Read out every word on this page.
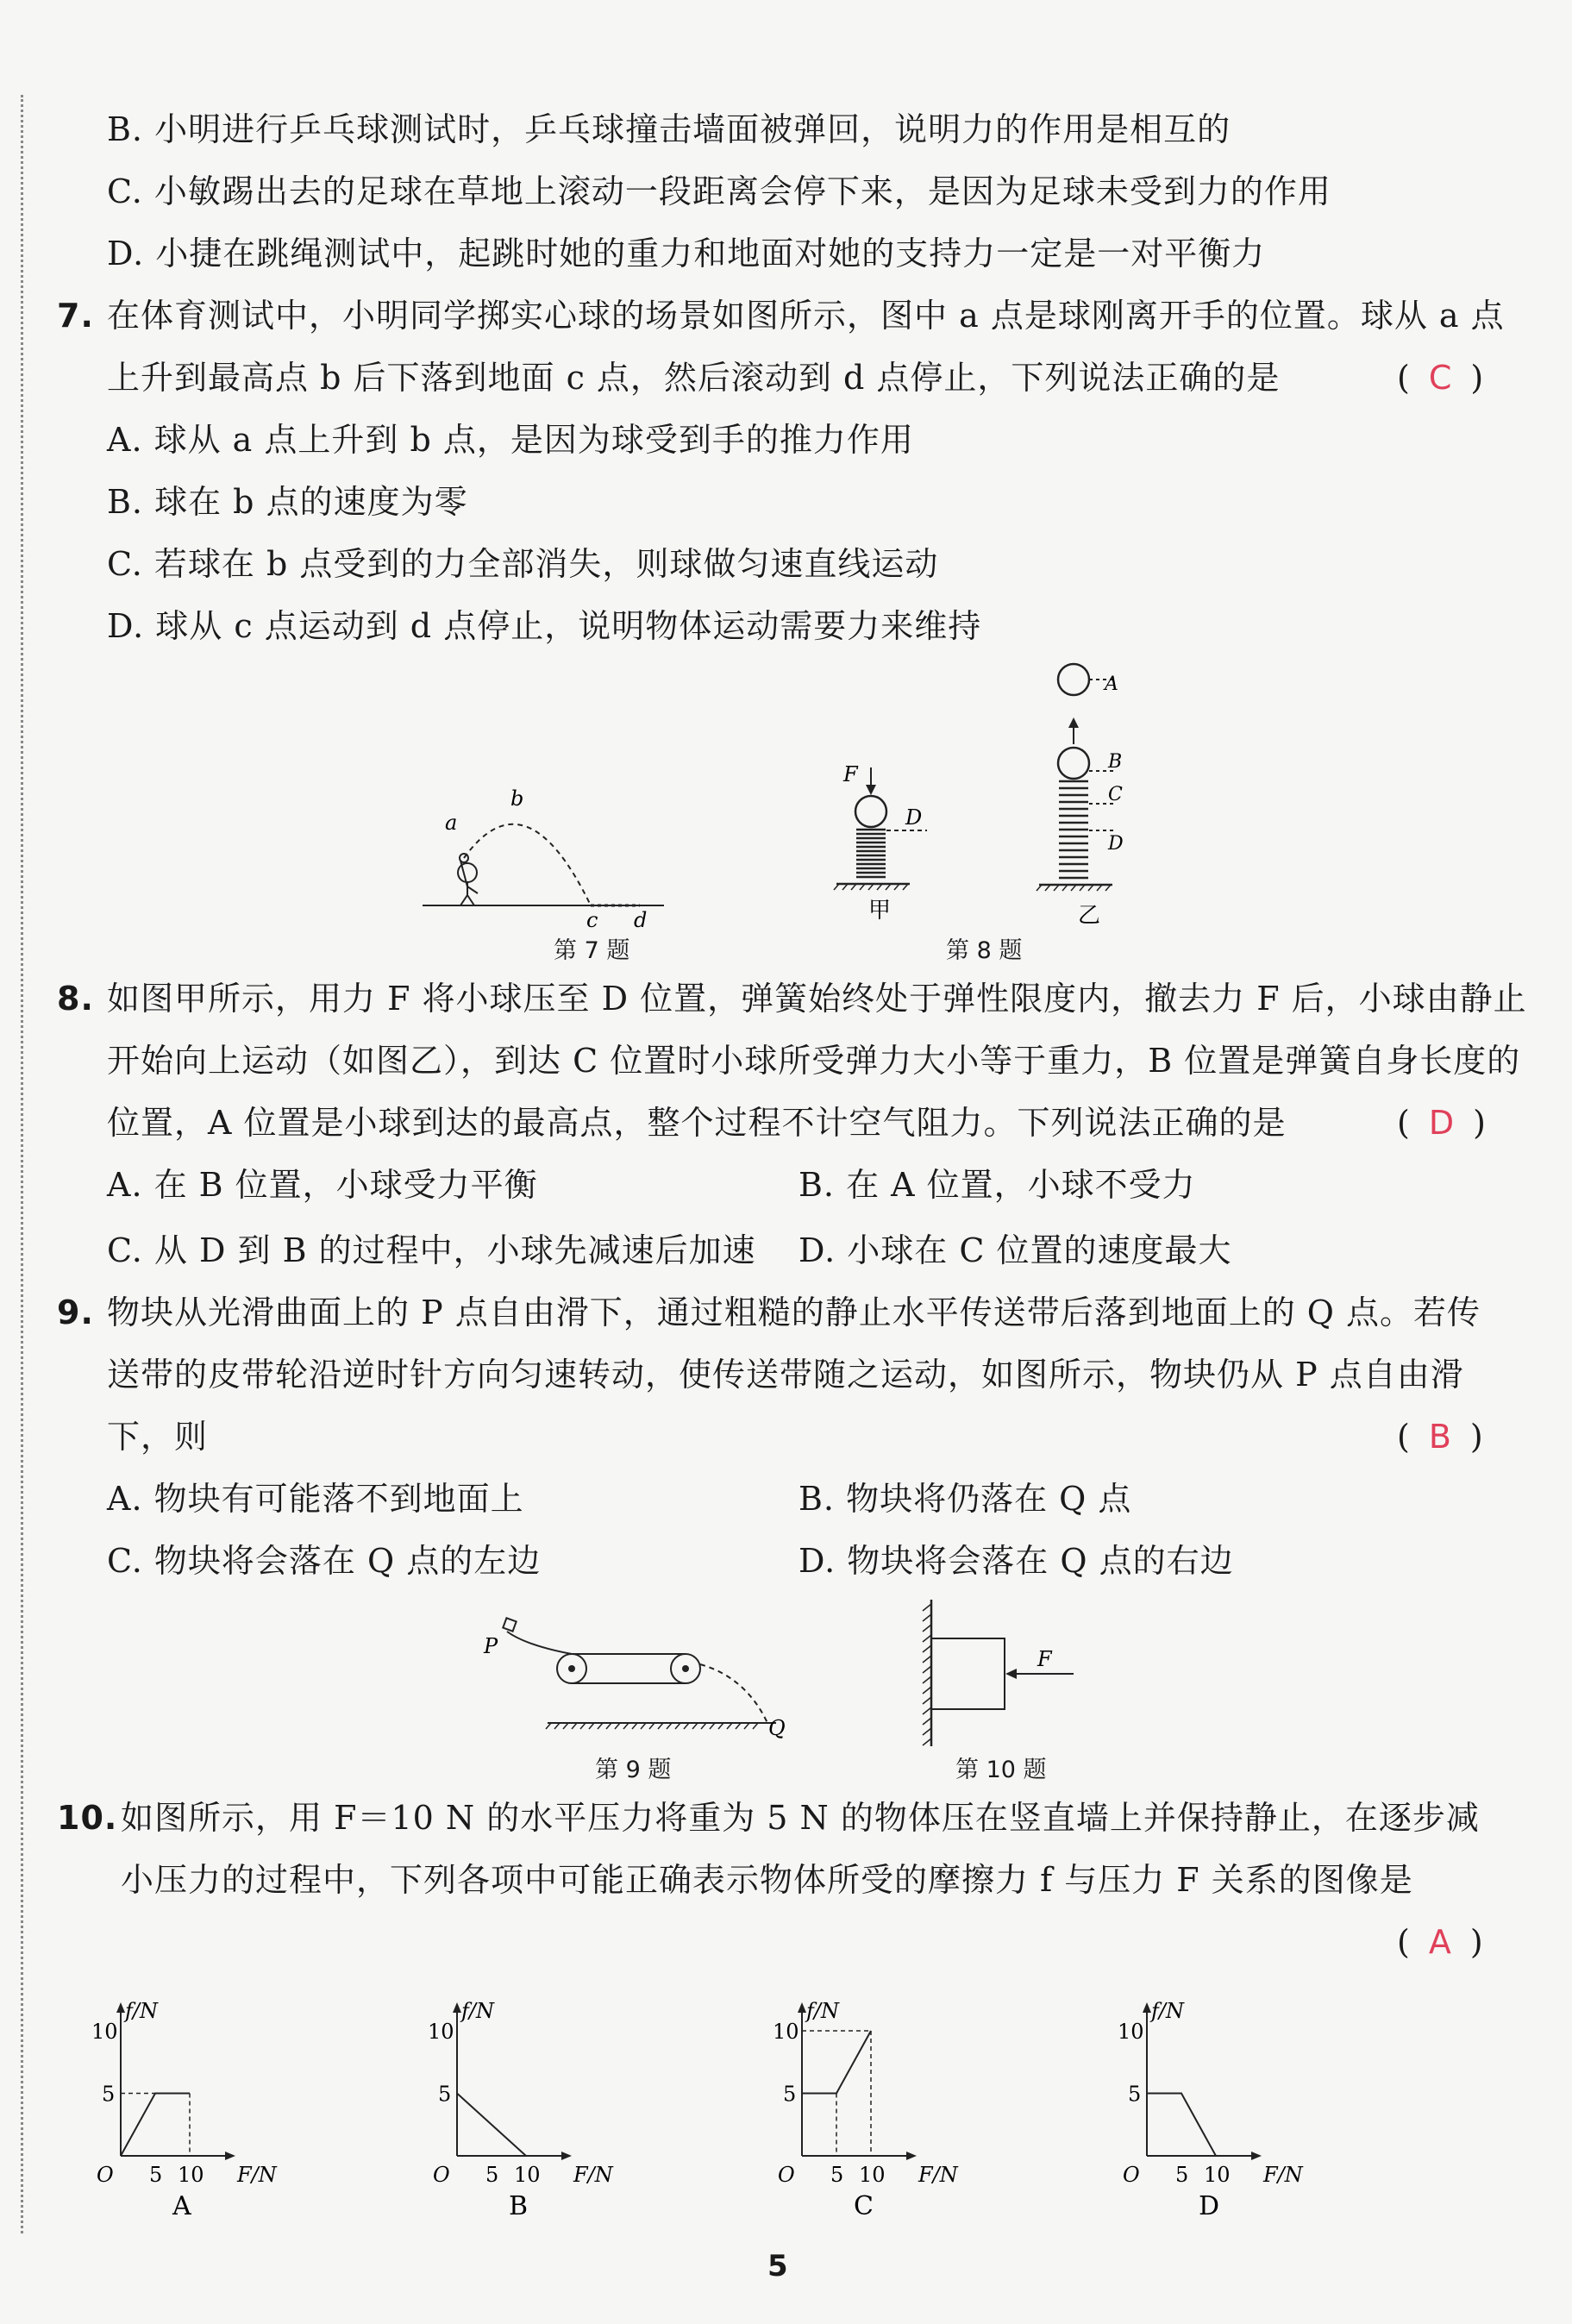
B. 小明进行乒乓球测试时，乒乓球撞击墙面被弹回，说明力的作用是相互的
C. 小敏踢出去的足球在草地上滚动一段距离会停下来，是因为足球未受到力的作用
D. 小捷在跳绳测试中，起跳时她的重力和地面对她的支持力一定是一对平衡力
7. 在体育测试中，小明同学掷实心球的场景如图所示，图中 a 点是球刚离开手的位置。球从 a 点
上升到最高点 b 后下落到地面 c 点，然后滚动到 d 点停止，下列说法正确的是	( C )
A. 球从 a 点上升到 b 点，是因为球受到手的推力作用
B. 球在 b 点的速度为零
C. 若球在 b 点受到的力全部消失，则球做匀速直线运动
D. 球从 c 点运动到 d 点停止，说明物体运动需要力来维持
a
b
c d
第 7 题
F
D
甲
A
B
C
D
乙
第 8 题
8. 如图甲所示，用力 F 将小球压至 D 位置，弹簧始终处于弹性限度内，撤去力 F 后，小球由静止
开始向上运动（如图乙），到达 C 位置时小球所受弹力大小等于重力，B 位置是弹簧自身长度的
位置，A 位置是小球到达的最高点，整个过程不计空气阻力。下列说法正确的是	( D )
A. 在 B 位置，小球受力平衡	B. 在 A 位置，小球不受力
C. 从 D 到 B 的过程中，小球先减速后加速 D. 小球在 C 位置的速度最大
9. 物块从光滑曲面上的 P 点自由滑下，通过粗糙的静止水平传送带后落到地面上的 Q 点。若传
送带的皮带轮沿逆时针方向匀速转动，使传送带随之运动，如图所示，物块仍从 P 点自由滑
下，则	( B )
A. 物块有可能落不到地面上	B. 物块将仍落在 Q 点
C. 物块将会落在 Q 点的左边	D. 物块将会落在 Q 点的右边
P
Q
第 9 题
F
第 10 题
10. 如图所示，用 F＝10 N 的水平压力将重为 5 N 的物体压在竖直墙上并保持静止，在逐步减
小压力的过程中，下列各项中可能正确表示物体所受的摩擦力 f 与压力 F 关系的图像是
( A )
f/N
F/N
O
10
5
5 10
A
f/N
F/N
O
10
5
5 10
B
f/N
F/N
O
10
5
5 10
C
f/N
F/N
O
10
5
5 10
D
5
